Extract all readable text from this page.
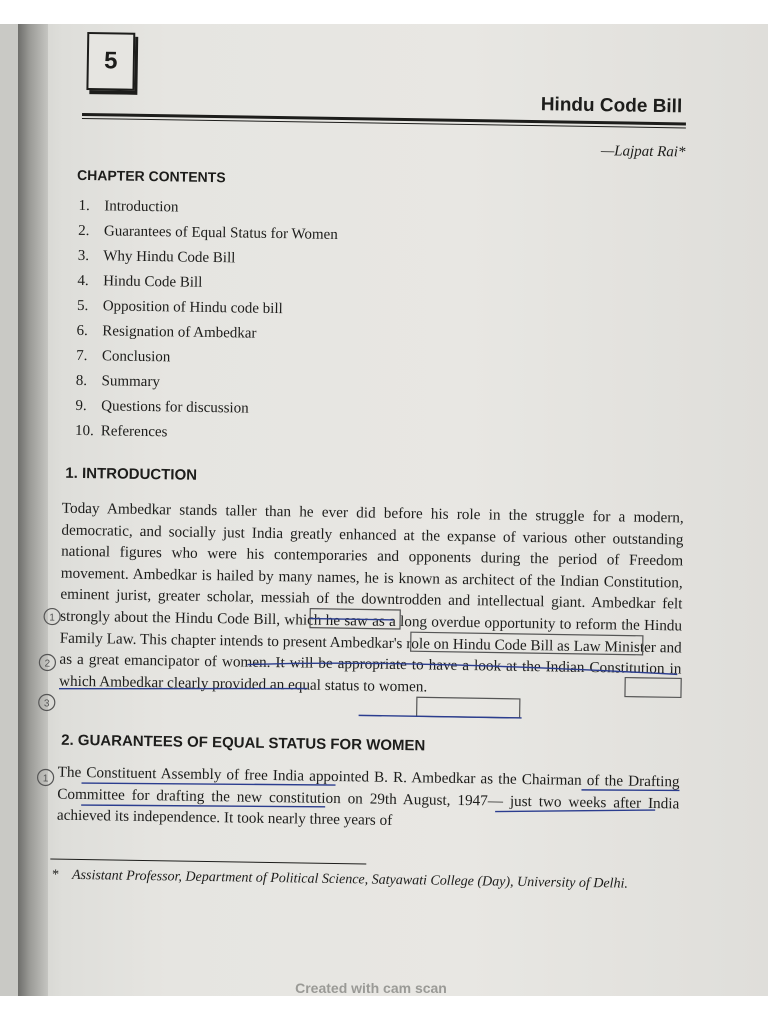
5
Hindu Code Bill
—Lajpat Rai*
CHAPTER CONTENTS
1. Introduction
2. Guarantees of Equal Status for Women
3. Why Hindu Code Bill
4. Hindu Code Bill
5. Opposition of Hindu code bill
6. Resignation of Ambedkar
7. Conclusion
8. Summary
9. Questions for discussion
10. References
1. INTRODUCTION
Today Ambedkar stands taller than he ever did before his role in the struggle for a modern, democratic, and socially just India greatly enhanced at the expanse of various other outstanding national figures who were his contemporaries and opponents during the period of Freedom movement. Ambedkar is hailed by many names, he is known as architect of the Indian Constitution, eminent jurist, greater scholar, messiah of the downtrodden and intellectual giant. Ambedkar felt strongly about the Hindu Code Bill, which he saw as a long overdue opportunity to reform the Hindu Family Law. This chapter intends to present Ambedkar's role on Hindu Code Bill as Law Minister and as a great emancipator of women. It will be appropriate to have a look at the Indian Constitution in which Ambedkar clearly provided an equal status to women.
2. GUARANTEES OF EQUAL STATUS FOR WOMEN
The Constituent Assembly of free India appointed B. R. Ambedkar as the Chairman of the Drafting Committee for drafting the new constitution on 29th August, 1947— just two weeks after India achieved its independence. It took nearly three years of
* Assistant Professor, Department of Political Science, Satyawati College (Day), University of Delhi.
1
2
3
1
Created with cam scan
